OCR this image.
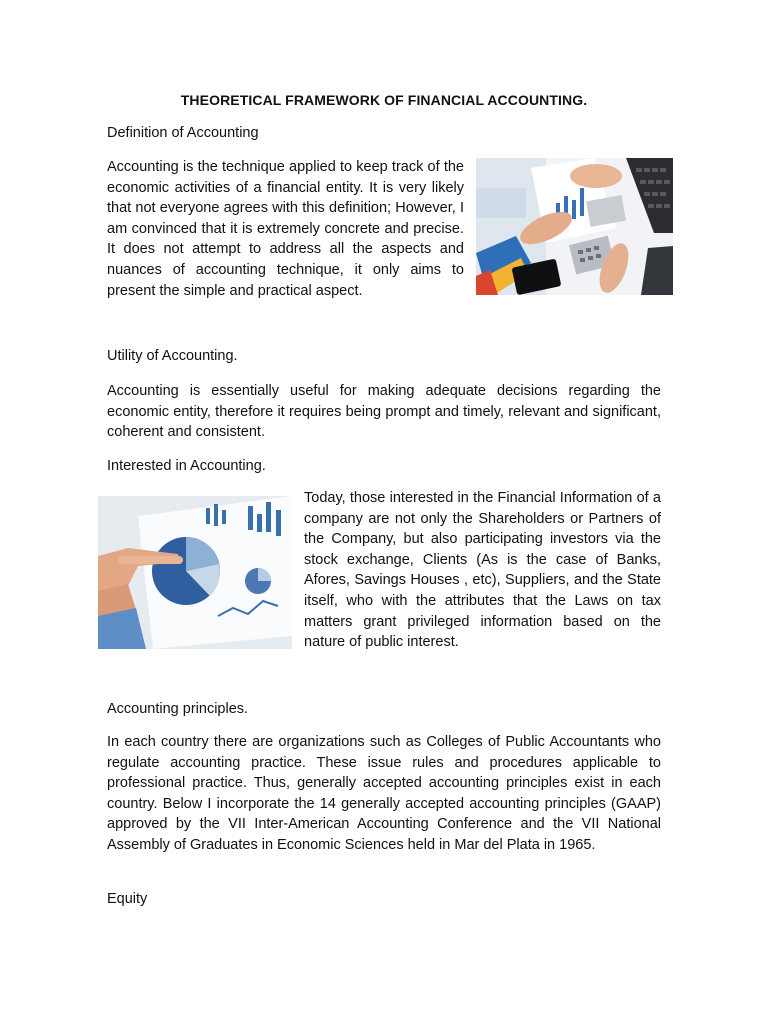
THEORETICAL FRAMEWORK OF FINANCIAL ACCOUNTING.
Definition of Accounting
Accounting is the technique applied to keep track of the economic activities of a financial entity. It is very likely that not everyone agrees with this definition; However, I am convinced that it is extremely concrete and precise. It does not attempt to address all the aspects and nuances of accounting technique, it only aims to present the simple and practical aspect.
Utility of Accounting.
Accounting is essentially useful for making adequate decisions regarding the economic entity, therefore it requires being prompt and timely, relevant and significant, coherent and consistent.
Interested in Accounting.
Today, those interested in the Financial Information of a company are not only the Shareholders or Partners of the Company, but also participating investors via the stock exchange, Clients (As is the case of Banks, Afores, Savings Houses , etc), Suppliers, and the State itself, who with the attributes that the Laws on tax matters grant privileged information based on the nature of public interest.
Accounting principles.
In each country there are organizations such as Colleges of Public Accountants who regulate accounting practice. These issue rules and procedures applicable to professional practice. Thus, generally accepted accounting principles exist in each country. Below I incorporate the 14 generally accepted accounting principles (GAAP) approved by the VII Inter-American Accounting Conference and the VII National Assembly of Graduates in Economic Sciences held in Mar del Plata in 1965.
Equity
